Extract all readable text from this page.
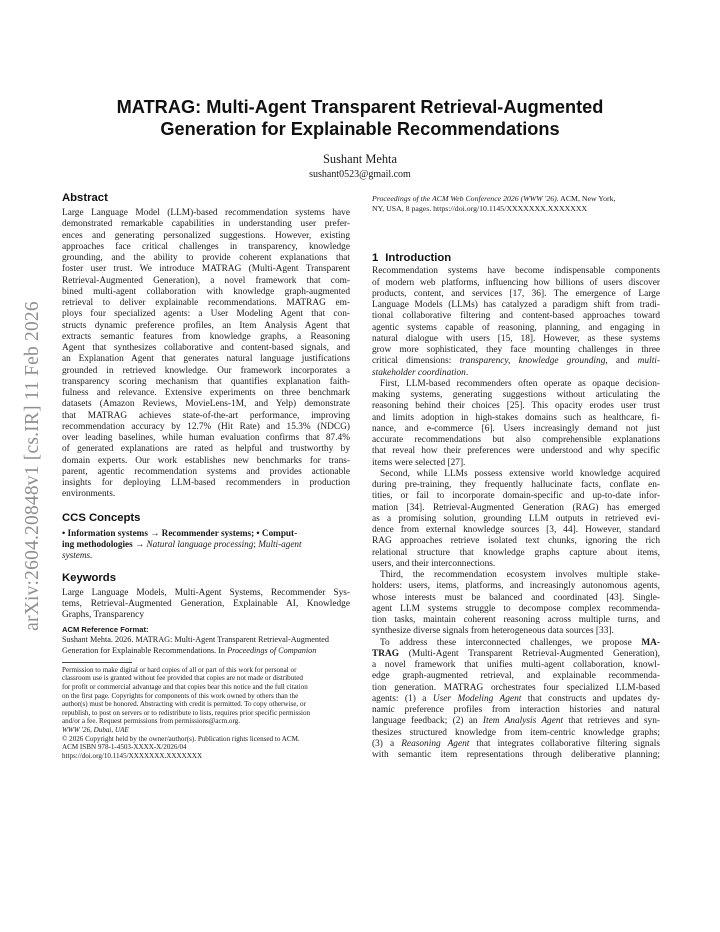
arXiv:2604.20848v1 [cs.IR] 11 Feb 2026
MATRAG: Multi-Agent Transparent Retrieval-Augmented
Generation for Explainable Recommendations
Sushant Mehta
sushant0523@gmail.com
Abstract
Large Language Model (LLM)-based recommendation systems have
demonstrated remarkable capabilities in understanding user prefer-
ences and generating personalized suggestions. However, existing
approaches face critical challenges in transparency, knowledge
grounding, and the ability to provide coherent explanations that
foster user trust. We introduce MATRAG (Multi-Agent Transparent
Retrieval-Augmented Generation), a novel framework that com-
bined multi-agent collaboration with knowledge graph-augmented
retrieval to deliver explainable recommendations. MATRAG em-
ploys four specialized agents: a User Modeling Agent that con-
structs dynamic preference profiles, an Item Analysis Agent that
extracts semantic features from knowledge graphs, a Reasoning
Agent that synthesizes collaborative and content-based signals, and
an Explanation Agent that generates natural language justifications
grounded in retrieved knowledge. Our framework incorporates a
transparency scoring mechanism that quantifies explanation faith-
fulness and relevance. Extensive experiments on three benchmark
datasets (Amazon Reviews, MovieLens-1M, and Yelp) demonstrate
that MATRAG achieves state-of-the-art performance, improving
recommendation accuracy by 12.7% (Hit Rate) and 15.3% (NDCG)
over leading baselines, while human evaluation confirms that 87.4%
of generated explanations are rated as helpful and trustworthy by
domain experts. Our work establishes new benchmarks for trans-
parent, agentic recommendation systems and provides actionable
insights for deploying LLM-based recommenders in production
environments.
CCS Concepts
• Information systems → Recommender systems; • Comput-
ing methodologies → Natural language processing; Multi-agent
systems.
Keywords
Large Language Models, Multi-Agent Systems, Recommender Sys-
tems, Retrieval-Augmented Generation, Explainable AI, Knowledge
Graphs, Transparency
ACM Reference Format:
Sushant Mehta. 2026. MATRAG: Multi-Agent Transparent Retrieval-Augmented
Generation for Explainable Recommendations. In Proceedings of Companion
Permission to make digital or hard copies of all or part of this work for personal or
classroom use is granted without fee provided that copies are not made or distributed
for profit or commercial advantage and that copies bear this notice and the full citation
on the first page. Copyrights for components of this work owned by others than the
author(s) must be honored. Abstracting with credit is permitted. To copy otherwise, or
republish, to post on servers or to redistribute to lists, requires prior specific permission
and/or a fee. Request permissions from permissions@acm.org.
WWW '26, Dubai, UAE
© 2026 Copyright held by the owner/author(s). Publication rights licensed to ACM.
ACM ISBN 978-1-4503-XXXX-X/2026/04
https://doi.org/10.1145/XXXXXXX.XXXXXXX
Proceedings of the ACM Web Conference 2026 (WWW '26). ACM, New York,
NY, USA, 8 pages. https://doi.org/10.1145/XXXXXXX.XXXXXXX
1 Introduction
Recommendation systems have become indispensable components
of modern web platforms, influencing how billions of users discover
products, content, and services [17, 36]. The emergence of Large
Language Models (LLMs) has catalyzed a paradigm shift from tradi-
tional collaborative filtering and content-based approaches toward
agentic systems capable of reasoning, planning, and engaging in
natural dialogue with users [15, 18]. However, as these systems
grow more sophisticated, they face mounting challenges in three
critical dimensions: transparency, knowledge grounding, and multi-
stakeholder coordination.
First, LLM-based recommenders often operate as opaque decision-
making systems, generating suggestions without articulating the
reasoning behind their choices [25]. This opacity erodes user trust
and limits adoption in high-stakes domains such as healthcare, fi-
nance, and e-commerce [6]. Users increasingly demand not just
accurate recommendations but also comprehensible explanations
that reveal how their preferences were understood and why specific
items were selected [27].
Second, while LLMs possess extensive world knowledge acquired
during pre-training, they frequently hallucinate facts, conflate en-
tities, or fail to incorporate domain-specific and up-to-date infor-
mation [34]. Retrieval-Augmented Generation (RAG) has emerged
as a promising solution, grounding LLM outputs in retrieved evi-
dence from external knowledge sources [3, 44]. However, standard
RAG approaches retrieve isolated text chunks, ignoring the rich
relational structure that knowledge graphs capture about items,
users, and their interconnections.
Third, the recommendation ecosystem involves multiple stake-
holders: users, items, platforms, and increasingly autonomous agents,
whose interests must be balanced and coordinated [43]. Single-
agent LLM systems struggle to decompose complex recommenda-
tion tasks, maintain coherent reasoning across multiple turns, and
synthesize diverse signals from heterogeneous data sources [33].
To address these interconnected challenges, we propose MA-
TRAG (Multi-Agent Transparent Retrieval-Augmented Generation),
a novel framework that unifies multi-agent collaboration, knowl-
edge graph-augmented retrieval, and explainable recommenda-
tion generation. MATRAG orchestrates four specialized LLM-based
agents: (1) a User Modeling Agent that constructs and updates dy-
namic preference profiles from interaction histories and natural
language feedback; (2) an Item Analysis Agent that retrieves and syn-
thesizes structured knowledge from item-centric knowledge graphs;
(3) a Reasoning Agent that integrates collaborative filtering signals
with semantic item representations through deliberative planning;
